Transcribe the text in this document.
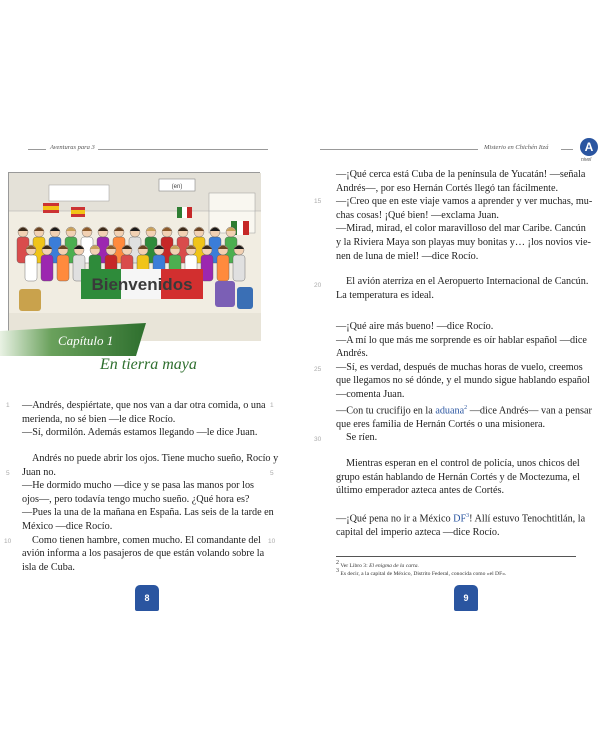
Aventuras para 3
(en)
Bienvenidos
Capítulo 1
En tierra maya
1	1
5	5
10	10
—Andrés, despiértate, que nos van a dar otra comida, o una
merienda, no sé bien —le dice Rocío.
—Sí, dormilón. Además estamos llegando —le dice Juan.
Andrés no puede abrir los ojos. Tiene mucho sueño, Rocío y
Juan no.
—He dormido mucho —dice y se pasa las manos por los
ojos—, pero todavía tengo mucho sueño. ¿Qué hora es?
—Pues la una de la mañana en España. Las seis de la tarde en
México —dice Rocío.
Como tienen hambre, comen mucho. El comandante del
avión informa a los pasajeros de que están volando sobre la
isla de Cuba.
8
Misterio en Chichén Itzá	A
nivel
15
20
25
30
—¡Qué cerca está Cuba de la península de Yucatán! —señala
Andrés—, por eso Hernán Cortés llegó tan fácilmente.
—¡Creo que en este viaje vamos a aprender y ver muchas, mu-
chas cosas! ¡Qué bien! —exclama Juan.
—Mirad, mirad, el color maravilloso del mar Caribe. Cancún
y la Riviera Maya son playas muy bonitas y… ¡los novios vie-
nen de luna de miel! —dice Rocío.
El avión aterriza en el Aeropuerto Internacional de Cancún.
La temperatura es ideal.
—¡Qué aire más bueno! —dice Rocío.
—A mí lo que más me sorprende es oír hablar español —dice
Andrés.
—Sí, es verdad, después de muchas horas de vuelo, creemos
que llegamos no sé dónde, y el mundo sigue hablando español
—comenta Juan.
—Con tu crucifijo en la aduana$^2$ —dice Andrés— van a pensar
que eres familia de Hernán Cortés o una misionera.
Se ríen.
Mientras esperan en el control de policía, unos chicos del
grupo están hablando de Hernán Cortés y de Moctezuma, el
último emperador azteca antes de Cortés.
—¡Qué pena no ir a México $DF^3$! Allí estuvo Tenochtitlán, la
capital del imperio azteca —dice Rocío.
2 Ver Libro 3: El enigma de la carta.
3 Es decir, a la capital de México, Distrito Federal, conocida como «el DF».
9
